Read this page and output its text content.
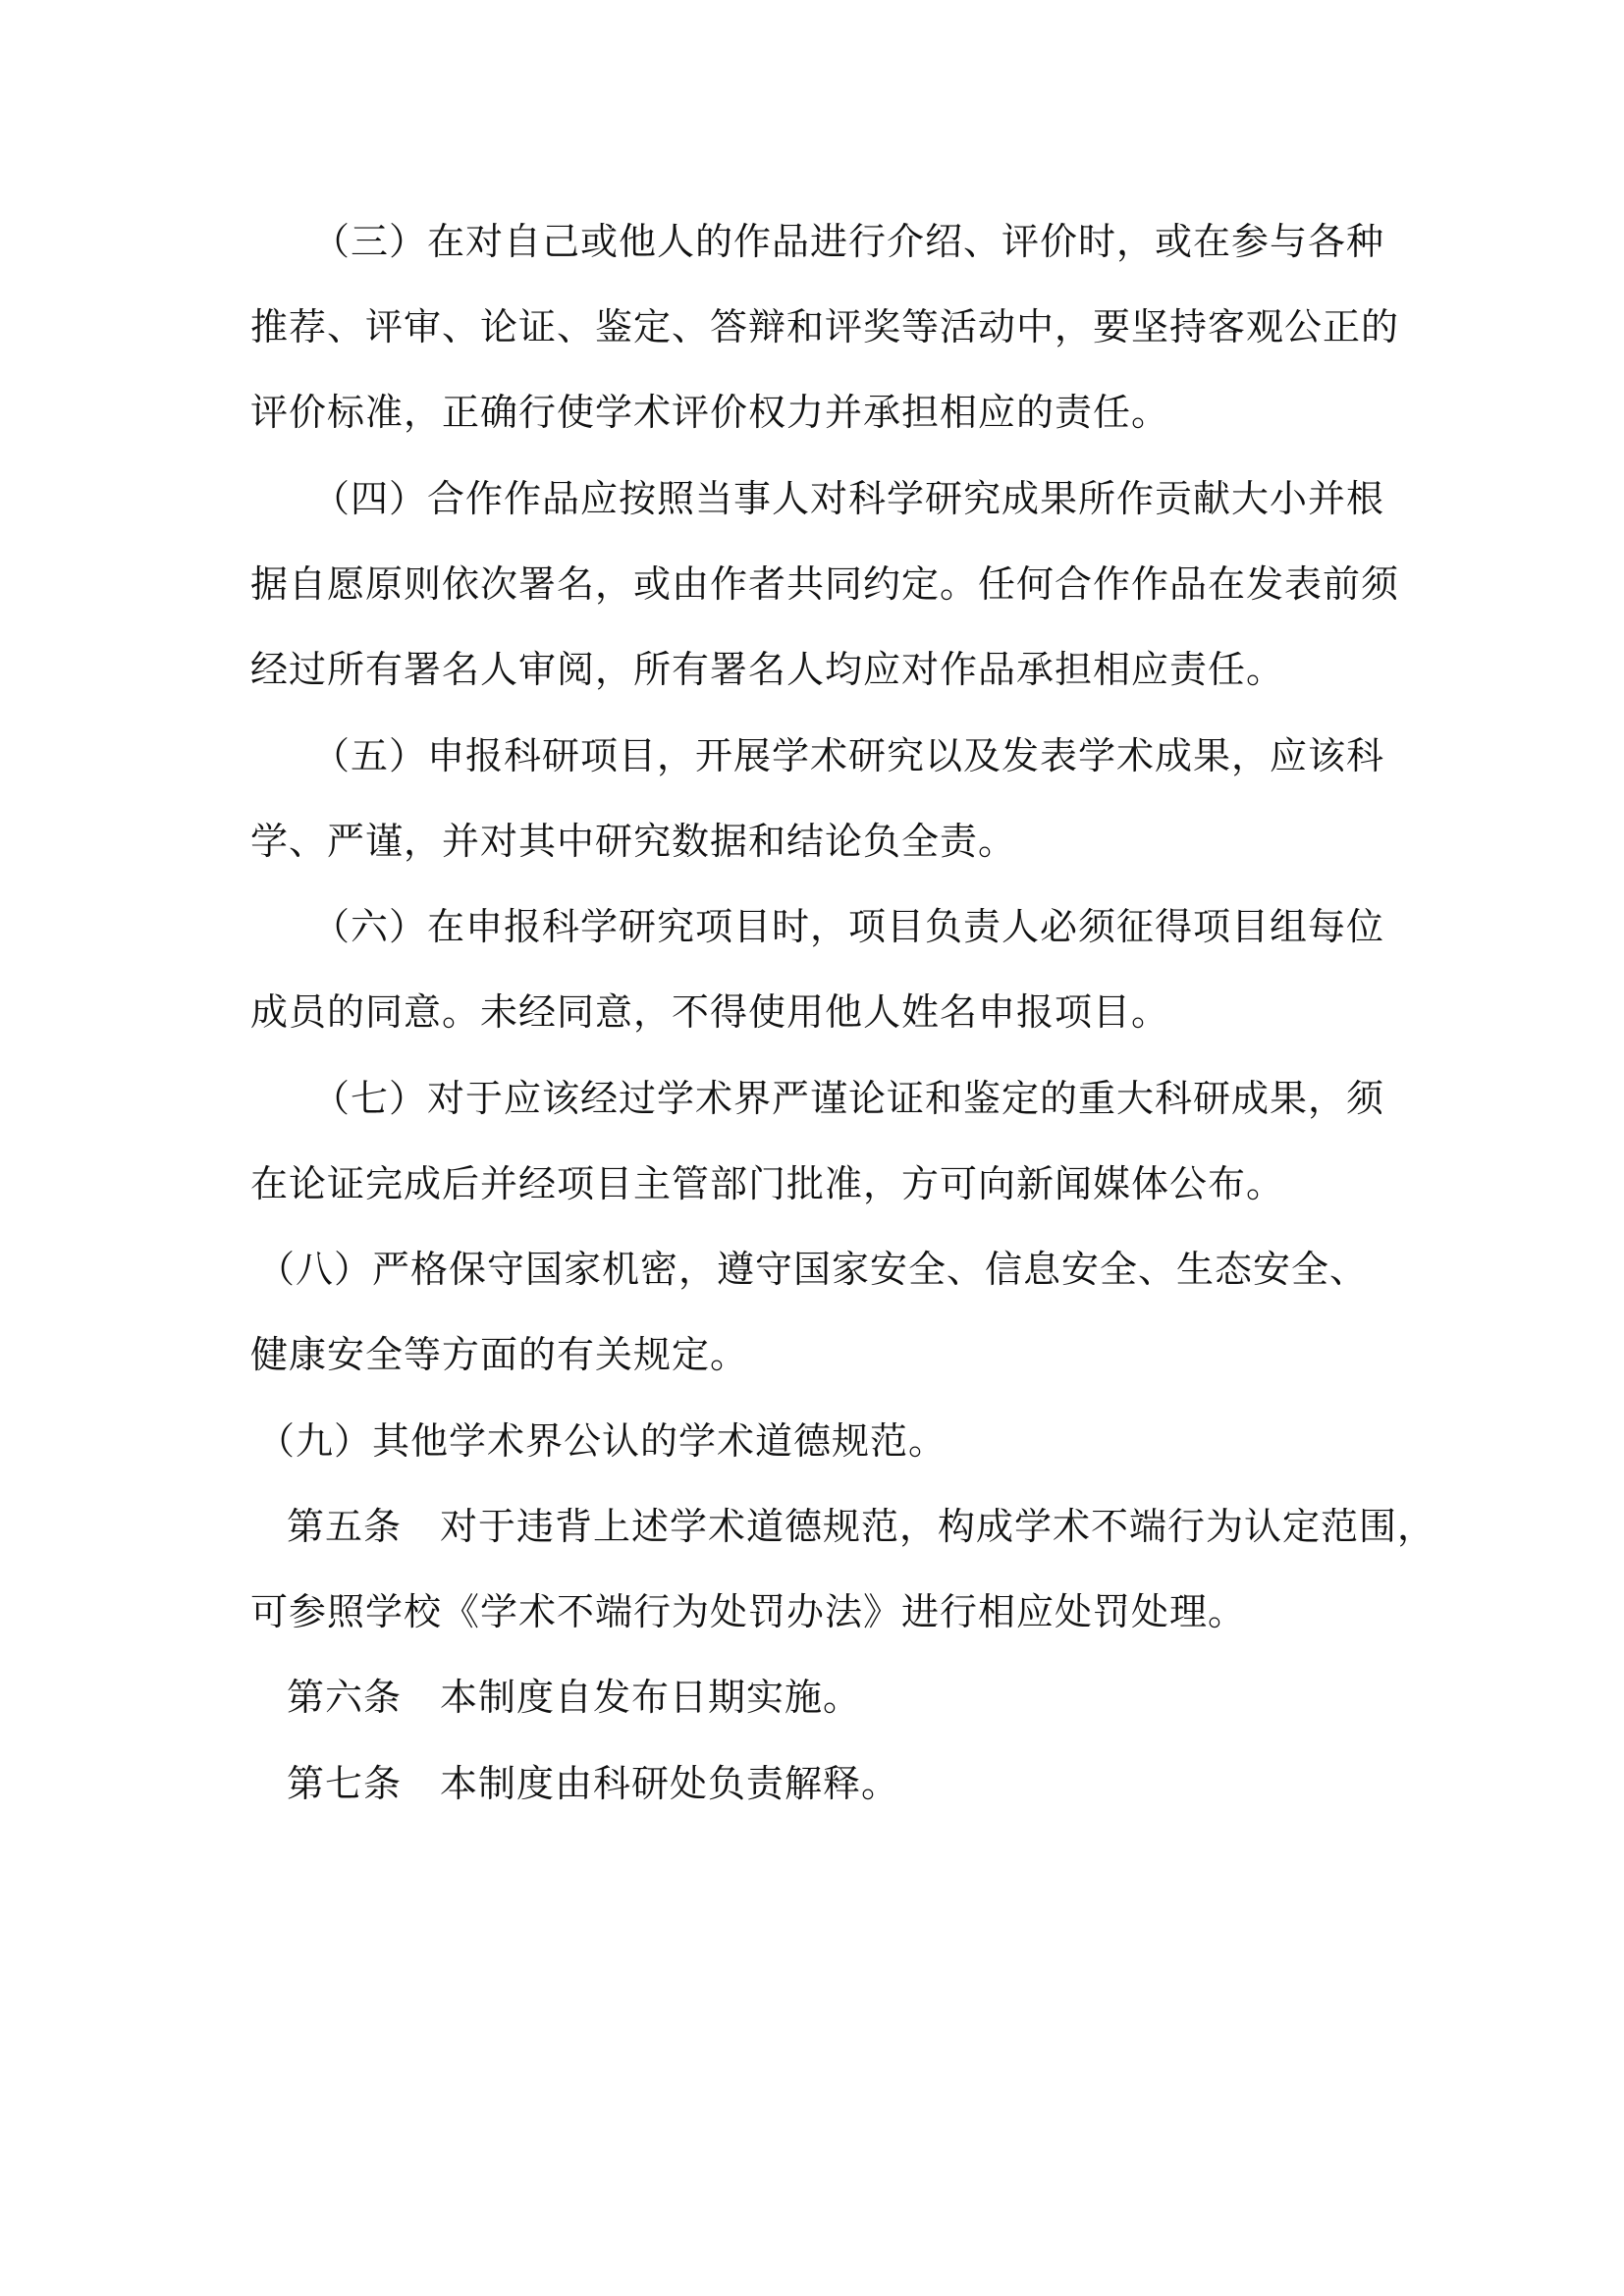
（三）在对自己或他人的作品进行介绍、评价时，或在参与各种
推荐、评审、论证、鉴定、答辩和评奖等活动中，要坚持客观公正的
评价标准，正确行使学术评价权力并承担相应的责任。
（四）合作作品应按照当事人对科学研究成果所作贡献大小并根
据自愿原则依次署名，或由作者共同约定。任何合作作品在发表前须
经过所有署名人审阅，所有署名人均应对作品承担相应责任。
（五）申报科研项目，开展学术研究以及发表学术成果，应该科
学、严谨，并对其中研究数据和结论负全责。
（六）在申报科学研究项目时，项目负责人必须征得项目组每位
成员的同意。未经同意，不得使用他人姓名申报项目。
（七）对于应该经过学术界严谨论证和鉴定的重大科研成果，须
在论证完成后并经项目主管部门批准，方可向新闻媒体公布。
（八）严格保守国家机密，遵守国家安全、信息安全、生态安全、
健康安全等方面的有关规定。
（九）其他学术界公认的学术道德规范。
第五条　对于违背上述学术道德规范，构成学术不端行为认定范围，
可参照学校《学术不端行为处罚办法》进行相应处罚处理。
第六条　本制度自发布日期实施。
第七条　本制度由科研处负责解释。
